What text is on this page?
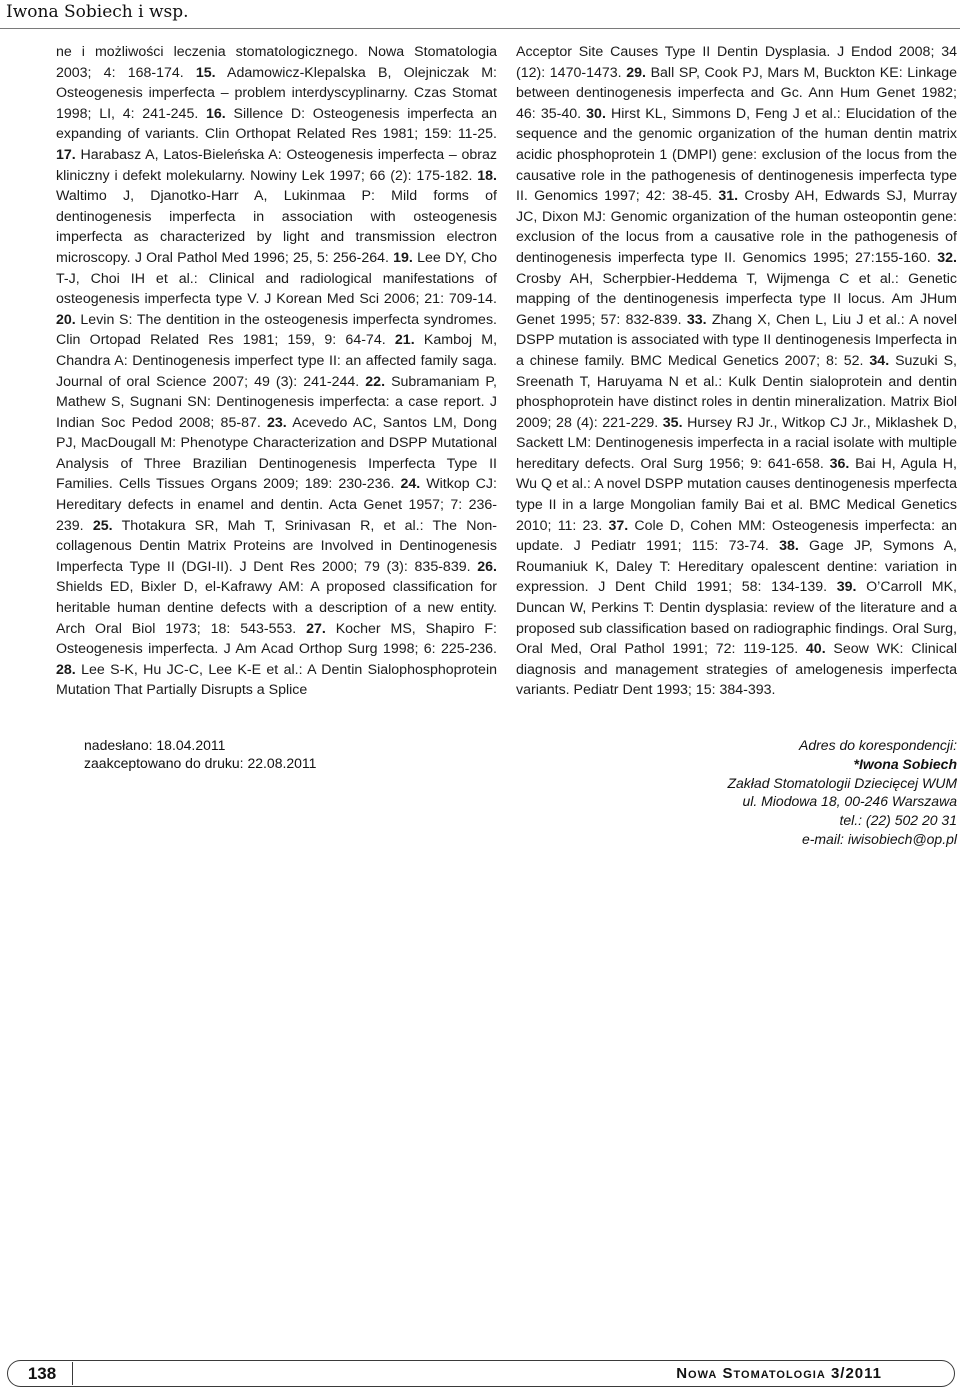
Iwona Sobiech i wsp.

ne i możliwości leczenia stomatologicznego. Nowa Stomatologia 2003; 4: 168-174. 15. Adamowicz-Klepalska B, Olejniczak M: Osteogenesis imperfecta – problem interdyscyplinarny. Czas Stomat 1998; LI, 4: 241-245. 16. Sillence D: Osteogenesis imperfecta an expanding of variants. Clin Orthopat Related Res 1981; 159: 11-25. 17. Harabasz A, Latos-Bieleńska A: Osteogenesis imperfecta – obraz kliniczny i defekt molekularny. Nowiny Lek 1997; 66 (2): 175-182. 18. Waltimo J, Djanotko-Harr A, Lukinmaa P: Mild forms of dentinogenesis imperfecta in association with osteogenesis imperfecta as characterized by light and transmission electron microscopy. J Oral Pathol Med 1996; 25, 5: 256-264. 19. Lee DY, Cho T-J, Choi IH et al.: Clinical and radiological manifestations of osteogenesis imperfecta type V. J Korean Med Sci 2006; 21: 709-14. 20. Levin S: The dentition in the osteogenesis imperfecta syndromes. Clin Ortopad Related Res 1981; 159, 9: 64-74. 21. Kamboj M, Chandra A: Dentinogenesis imperfect type II: an affected family saga. Journal of oral Science 2007; 49 (3): 241-244. 22. Subramaniam P, Mathew S, Sugnani SN: Dentinogenesis imperfecta: a case report. J Indian Soc Pedod 2008; 85-87. 23. Acevedo AC, Santos LM, Dong PJ, MacDougall M: Phenotype Characterization and DSPP Mutational Analysis of Three Brazilian Dentinogenesis Imperfecta Type II Families. Cells Tissues Organs 2009; 189: 230-236. 24. Witkop CJ: Hereditary defects in enamel and dentin. Acta Genet 1957; 7: 236-239. 25. Thotakura SR, Mah T, Srinivasan R, et al.: The Non-collagenous Dentin Matrix Proteins are Involved in Dentinogenesis Imperfecta Type II (DGI-II). J Dent Res 2000; 79 (3): 835-839. 26. Shields ED, Bixler D, el-Kafrawy AM: A proposed classification for heritable human dentine defects with a description of a new entity. Arch Oral Biol 1973; 18: 543-553. 27. Kocher MS, Shapiro F: Osteogenesis imperfecta. J Am Acad Orthop Surg 1998; 6: 225-236. 28. Lee S-K, Hu JC-C, Lee K-E et al.: A Dentin Sialophosphoprotein Mutation That Partially Disrupts a Splice

Acceptor Site Causes Type II Dentin Dysplasia. J Endod 2008; 34 (12): 1470-1473. 29. Ball SP, Cook PJ, Mars M, Buckton KE: Linkage between dentinogenesis imperfecta and Gc. Ann Hum Genet 1982; 46: 35-40. 30. Hirst KL, Simmons D, Feng J et al.: Elucidation of the sequence and the genomic organization of the human dentin matrix acidic phosphoprotein 1 (DMPI) gene: exclusion of the locus from the causative role in the pathogenesis of dentinogenesis imperfecta type II. Genomics 1997; 42: 38-45. 31. Crosby AH, Edwards SJ, Murray JC, Dixon MJ: Genomic organization of the human osteopontin gene: exclusion of the locus from a causative role in the pathogenesis of dentinogenesis imperfecta type II. Genomics 1995; 27:155-160. 32. Crosby AH, Scherpbier-Heddema T, Wijmenga C et al.: Genetic mapping of the dentinogenesis imperfecta type II locus. Am JHum Genet 1995; 57: 832-839. 33. Zhang X, Chen L, Liu J et al.: A novel DSPP mutation is associated with type II dentinogenesis Imperfecta in a chinese family. BMC Medical Genetics 2007; 8: 52. 34. Suzuki S, Sreenath T, Haruyama N et al.: Kulk Dentin sialoprotein and dentin phosphoprotein have distinct roles in dentin mineralization. Matrix Biol 2009; 28 (4): 221-229. 35. Hursey RJ Jr., Witkop CJ Jr., Miklashek D, Sackett LM: Dentinogenesis imperfecta in a racial isolate with multiple hereditary defects. Oral Surg 1956; 9: 641-658. 36. Bai H, Agula H, Wu Q et al.: A novel DSPP mutation causes dentinogenesis mperfecta type II in a large Mongolian family Bai et al. BMC Medical Genetics 2010; 11: 23. 37. Cole D, Cohen MM: Osteogenesis imperfecta: an update. J Pediatr 1991; 115: 73-74. 38. Gage JP, Symons A, Roumaniuk K, Daley T: Hereditary opalescent dentine: variation in expression. J Dent Child 1991; 58: 134-139. 39. O’Carroll MK, Duncan W, Perkins T: Dentin dysplasia: review of the literature and a proposed sub classification based on radiographic findings. Oral Surg, Oral Med, Oral Pathol 1991; 72: 119-125. 40. Seow WK: Clinical diagnosis and management strategies of amelogenesis imperfecta variants. Pediatr Dent 1993; 15: 384-393.

nadesłano: 18.04.2011
zaakceptowano do druku: 22.08.2011
Adres do korespondencji:
*Iwona Sobiech
Zakład Stomatologii Dziecięcej WUM
ul. Miodowa 18, 00-246 Warszawa
tel.: (22) 502 20 31
e-mail: iwisobiech@op.pl
138	Nowa Stomatologia 3/2011
